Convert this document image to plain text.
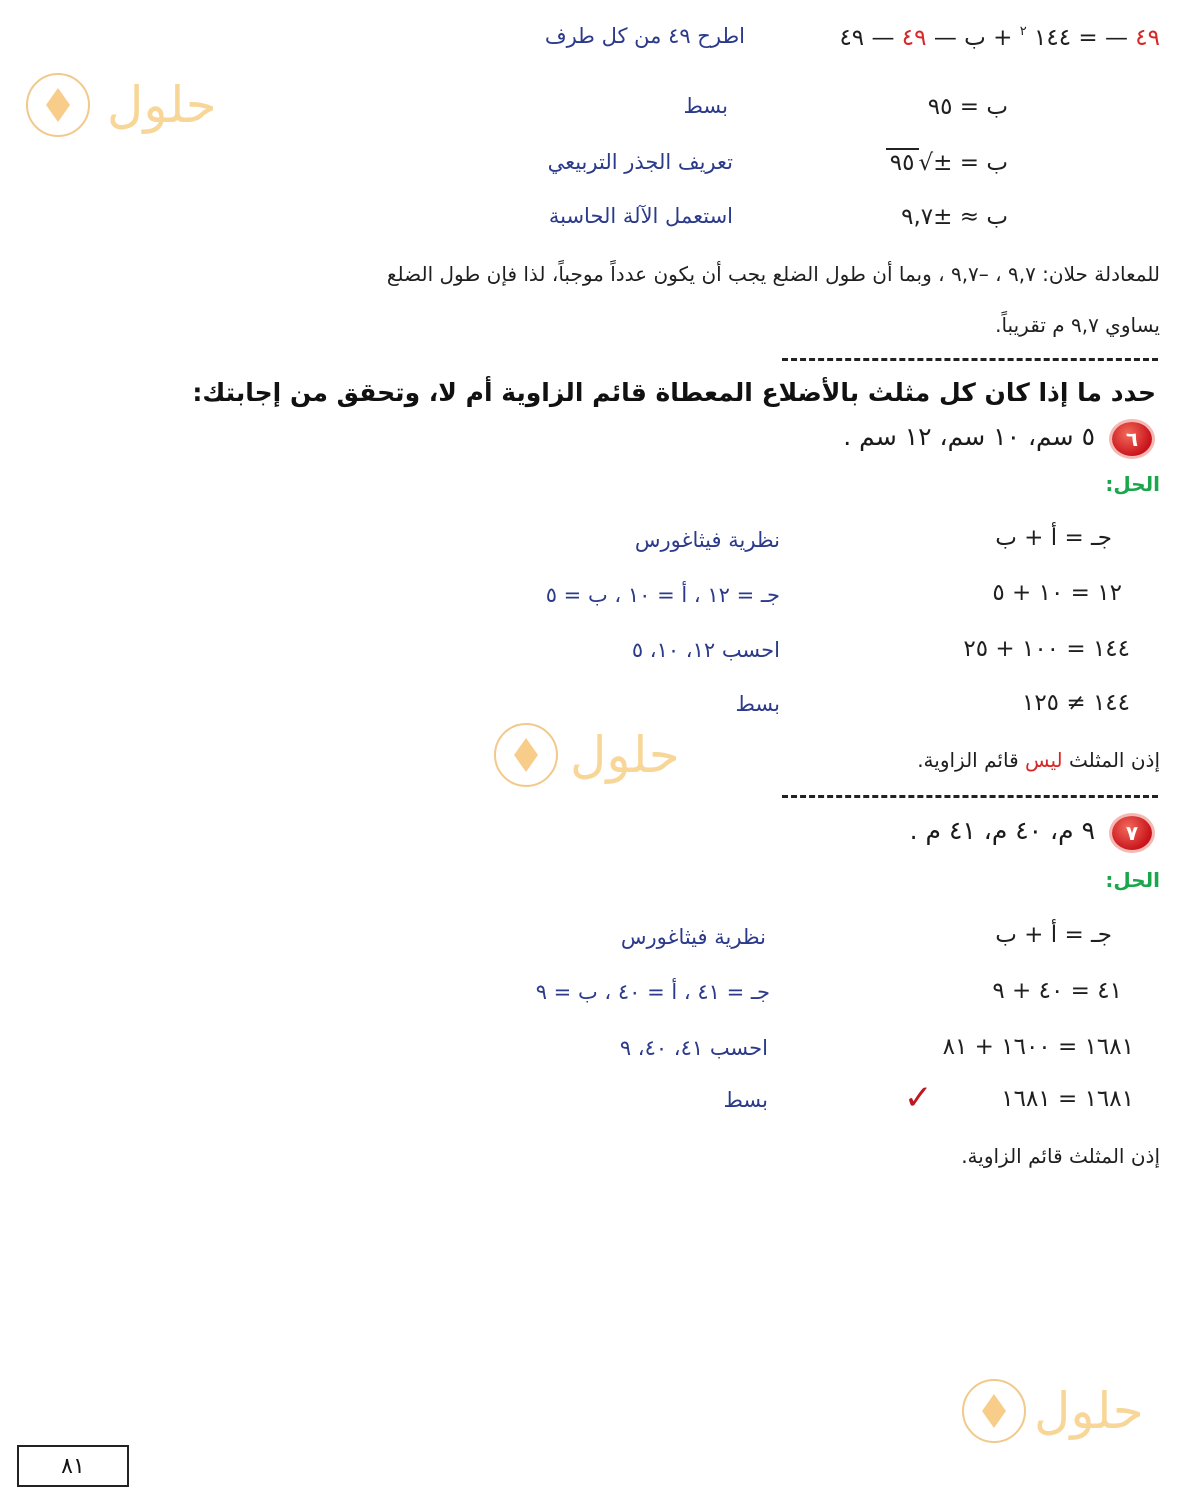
حلول
حلول
حلول
٤٩ — = ١٤٤ $^٢$ + ب — ٤٩ — ٤٩
اطرح ٤٩ من كل طرف
ب = ٩٥
بسط
ب = ±√٩٥
تعريف الجذر التربيعي
ب ≈ ±٩,٧
استعمل الآلة الحاسبة
للمعادلة حلان: ٩,٧ ، –٩,٧ ، وبما أن طول الضلع يجب أن يكون عدداً موجباً، لذا فإن طول الضلع
يساوي ٩,٧ م تقريباً.
حدد ما إذا كان كل مثلث بالأضلاع المعطاة قائم الزاوية أم لا، وتحقق من إجابتك:
٦
٥ سم، ١٠ سم، ١٢ سم .
الحل:
جـ = أ + ب
نظرية فيثاغورس
١٢ = ١٠ + ٥
جـ = ١٢ ، أ = ١٠ ، ب = ٥
١٤٤ = ١٠٠ + ٢٥
احسب ١٢، ١٠، ٥
١٤٤ ≠ ١٢٥
بسط
إذن المثلث ليس قائم الزاوية.
٧
٩ م، ٤٠ م، ٤١ م .
الحل:
جـ = أ + ب
نظرية فيثاغورس
٤١ = ٤٠ + ٩
جـ = ٤١ ، أ = ٤٠ ، ب = ٩
١٦٨١ = ١٦٠٠ + ٨١
احسب ٤١، ٤٠، ٩
١٦٨١ = ١٦٨١
✓
بسط
إذن المثلث قائم الزاوية.
٨١
